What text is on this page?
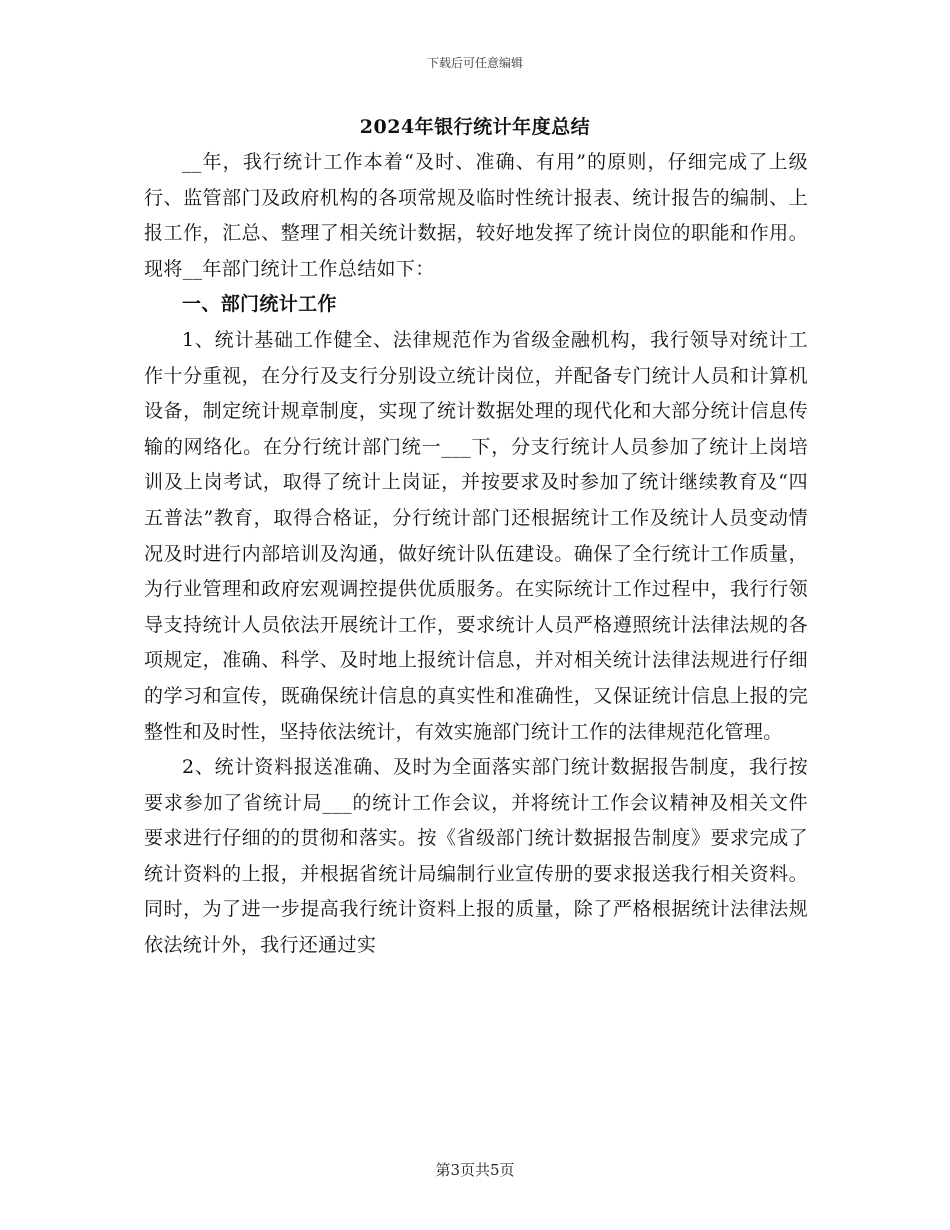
下载后可任意编辑
2024年银行统计年度总结

__年，我行统计工作本着“及时、准确、有用”的原则，仔细完成了上级行、监管部门及政府机构的各项常规及临时性统计报表、统计报告的编制、上报工作，汇总、整理了相关统计数据，较好地发挥了统计岗位的职能和作用。现将__年部门统计工作总结如下：

一、部门统计工作

1、统计基础工作健全、法律规范作为省级金融机构，我行领导对统计工作十分重视，在分行及支行分别设立统计岗位，并配备专门统计人员和计算机设备，制定统计规章制度，实现了统计数据处理的现代化和大部分统计信息传输的网络化。在分行统计部门统一___下，分支行统计人员参加了统计上岗培训及上岗考试，取得了统计上岗证，并按要求及时参加了统计继续教育及“四五普法”教育，取得合格证，分行统计部门还根据统计工作及统计人员变动情况及时进行内部培训及沟通，做好统计队伍建设。确保了全行统计工作质量，为行业管理和政府宏观调控提供优质服务。在实际统计工作过程中，我行行领导支持统计人员依法开展统计工作，要求统计人员严格遵照统计法律法规的各项规定，准确、科学、及时地上报统计信息，并对相关统计法律法规进行仔细的学习和宣传，既确保统计信息的真实性和准确性，又保证统计信息上报的完整性和及时性，坚持依法统计，有效实施部门统计工作的法律规范化管理。

2、统计资料报送准确、及时为全面落实部门统计数据报告制度，我行按要求参加了省统计局___的统计工作会议，并将统计工作会议精神及相关文件要求进行仔细的的贯彻和落实。按《省级部门统计数据报告制度》要求完成了统计资料的上报，并根据省统计局编制行业宣传册的要求报送我行相关资料。同时，为了进一步提高我行统计资料上报的质量，除了严格根据统计法律法规依法统计外，我行还通过实

第3页共5页
